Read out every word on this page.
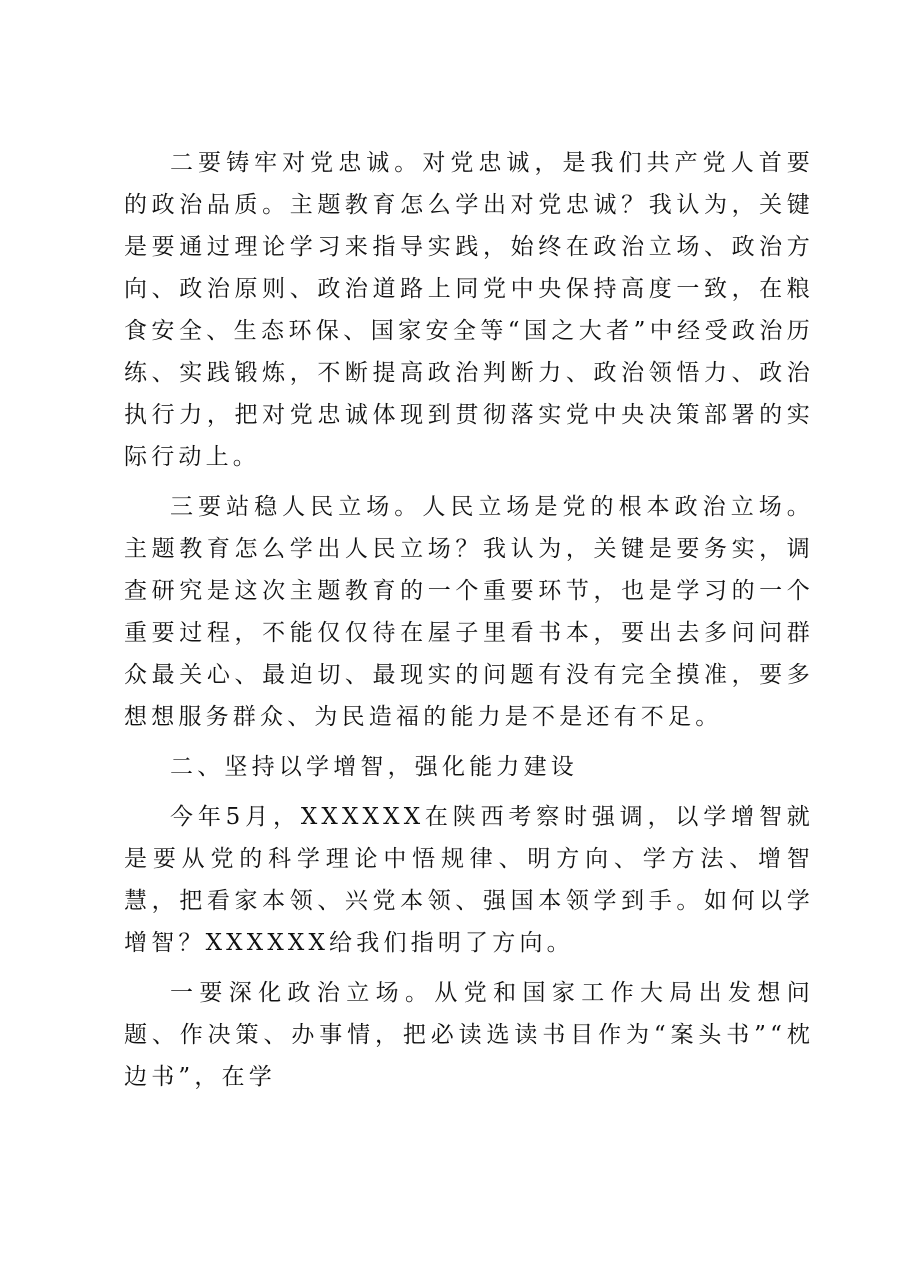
二要铸牢对党忠诚。对党忠诚，是我们共产党人首要的政治品质。主题教育怎么学出对党忠诚？我认为，关键是要通过理论学习来指导实践，始终在政治立场、政治方向、政治原则、政治道路上同党中央保持高度一致，在粮食安全、生态环保、国家安全等“国之大者”中经受政治历练、实践锻炼，不断提高政治判断力、政治领悟力、政治执行力，把对党忠诚体现到贯彻落实党中央决策部署的实际行动上。

三要站稳人民立场。人民立场是党的根本政治立场。主题教育怎么学出人民立场？我认为，关键是要务实，调查研究是这次主题教育的一个重要环节，也是学习的一个重要过程，不能仅仅待在屋子里看书本，要出去多问问群众最关心、最迫切、最现实的问题有没有完全摸准，要多想想服务群众、为民造福的能力是不是还有不足。

二、坚持以学增智，强化能力建设

今年5月，XXXXXX在陕西考察时强调，以学增智就是要从党的科学理论中悟规律、明方向、学方法、增智慧，把看家本领、兴党本领、强国本领学到手。如何以学增智？XXXXXX给我们指明了方向。

一要深化政治立场。从党和国家工作大局出发想问题、作决策、办事情，把必读选读书目作为“案头书”“枕边书”，在学
